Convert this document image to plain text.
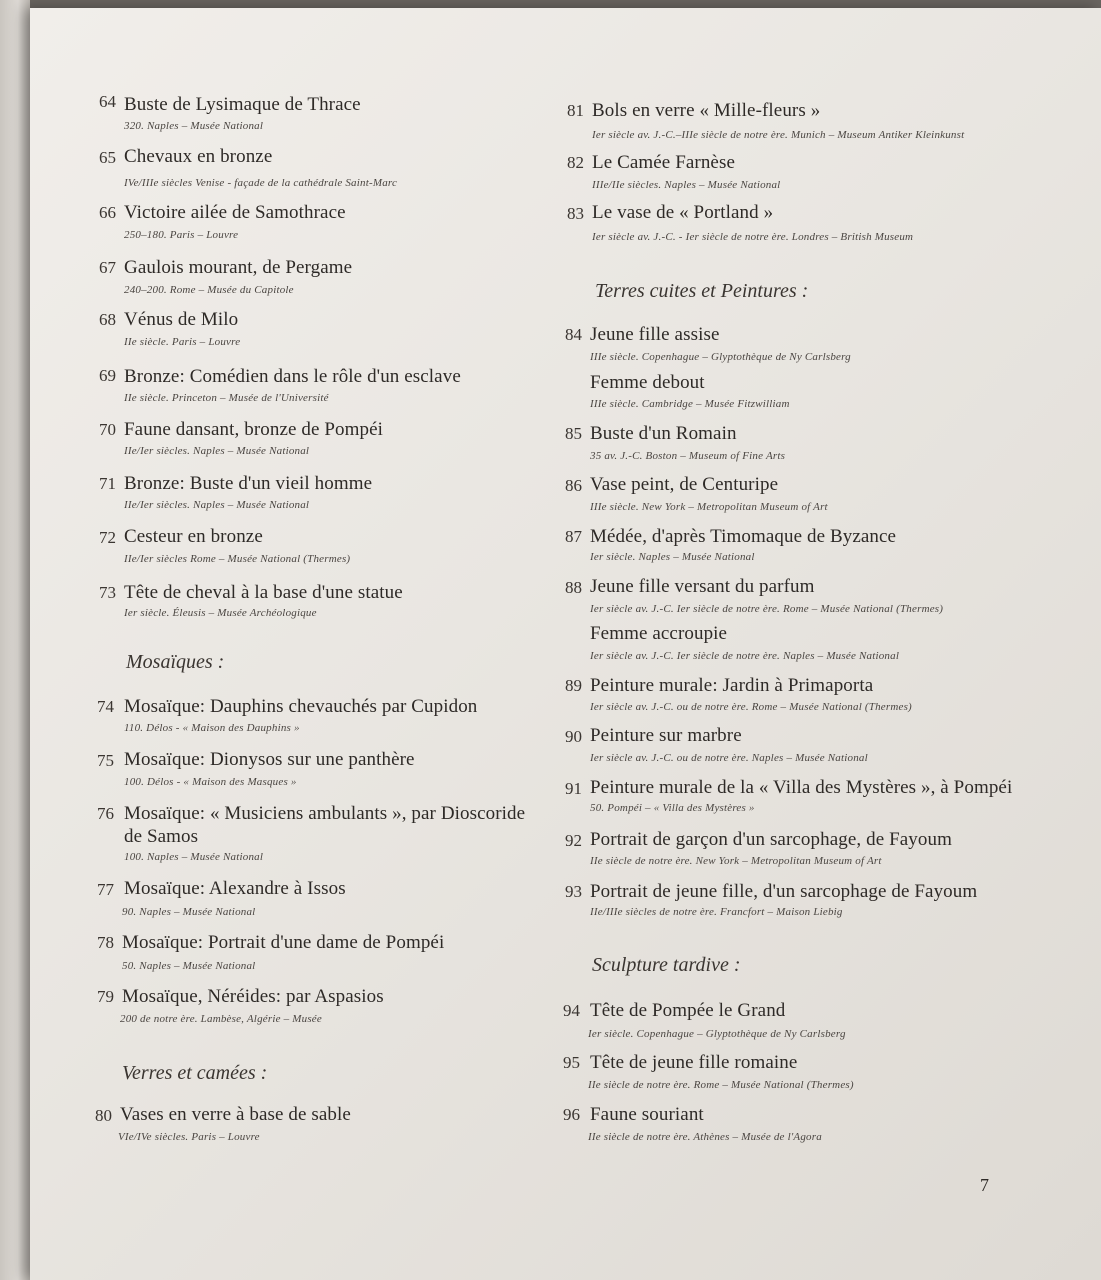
64 Buste de Lysimaque de Thrace
320. Naples – Musée National
65 Chevaux en bronze
IVe/IIIe siècles Venise - façade de la cathédrale Saint-Marc
66 Victoire ailée de Samothrace
250–180. Paris – Louvre
67 Gaulois mourant, de Pergame
240–200. Rome – Musée du Capitole
68 Vénus de Milo
IIe siècle. Paris – Louvre
69 Bronze: Comédien dans le rôle d'un esclave
IIe siècle. Princeton – Musée de l'Université
70 Faune dansant, bronze de Pompéi
IIe/Ier siècles. Naples – Musée National
71 Bronze: Buste d'un vieil homme
IIe/Ier siècles. Naples – Musée National
72 Cesteur en bronze
IIe/Ier siècles Rome – Musée National (Thermes)
73 Tête de cheval à la base d'une statue
Ier siècle. Éleusis – Musée Archéologique
Mosaïques :
74 Mosaïque: Dauphins chevauchés par Cupidon
110. Délos - « Maison des Dauphins »
75 Mosaïque: Dionysos sur une panthère
100. Délos - « Maison des Masques »
76 Mosaïque: « Musiciens ambulants », par Dioscoride
de Samos
100. Naples – Musée National
77 Mosaïque: Alexandre à Issos
90. Naples – Musée National
78 Mosaïque: Portrait d'une dame de Pompéi
50. Naples – Musée National
79 Mosaïque, Néréides: par Aspasios
200 de notre ère. Lambèse, Algérie – Musée
Verres et camées :
80 Vases en verre à base de sable
VIe/IVe siècles. Paris – Louvre
81 Bols en verre « Mille-fleurs »
Ier siècle av. J.-C.–IIIe siècle de notre ère. Munich – Museum Antiker Kleinkunst
82 Le Camée Farnèse
IIIe/IIe siècles. Naples – Musée National
83 Le vase de « Portland »
Ier siècle av. J.-C. - Ier siècle de notre ère. Londres – British Museum
Terres cuites et Peintures :
84 Jeune fille assise
IIIe siècle. Copenhague – Glyptothèque de Ny Carlsberg
Femme debout
IIIe siècle. Cambridge – Musée Fitzwilliam
85 Buste d'un Romain
35 av. J.-C. Boston – Museum of Fine Arts
86 Vase peint, de Centuripe
IIIe siècle. New York – Metropolitan Museum of Art
87 Médée, d'après Timomaque de Byzance
Ier siècle. Naples – Musée National
88 Jeune fille versant du parfum
Ier siècle av. J.-C. Ier siècle de notre ère. Rome – Musée National (Thermes)
Femme accroupie
Ier siècle av. J.-C. Ier siècle de notre ère. Naples – Musée National
89 Peinture murale: Jardin à Primaporta
Ier siècle av. J.-C. ou de notre ère. Rome – Musée National (Thermes)
90 Peinture sur marbre
Ier siècle av. J.-C. ou de notre ère. Naples – Musée National
91 Peinture murale de la « Villa des Mystères », à Pompéi
50. Pompéi – « Villa des Mystères »
92 Portrait de garçon d'un sarcophage, de Fayoum
IIe siècle de notre ère. New York – Metropolitan Museum of Art
93 Portrait de jeune fille, d'un sarcophage de Fayoum
IIe/IIIe siècles de notre ère. Francfort – Maison Liebig
Sculpture tardive :
94 Tête de Pompée le Grand
Ier siècle. Copenhague – Glyptothèque de Ny Carlsberg
95 Tête de jeune fille romaine
IIe siècle de notre ère. Rome – Musée National (Thermes)
96 Faune souriant
IIe siècle de notre ère. Athènes – Musée de l'Agora
7
